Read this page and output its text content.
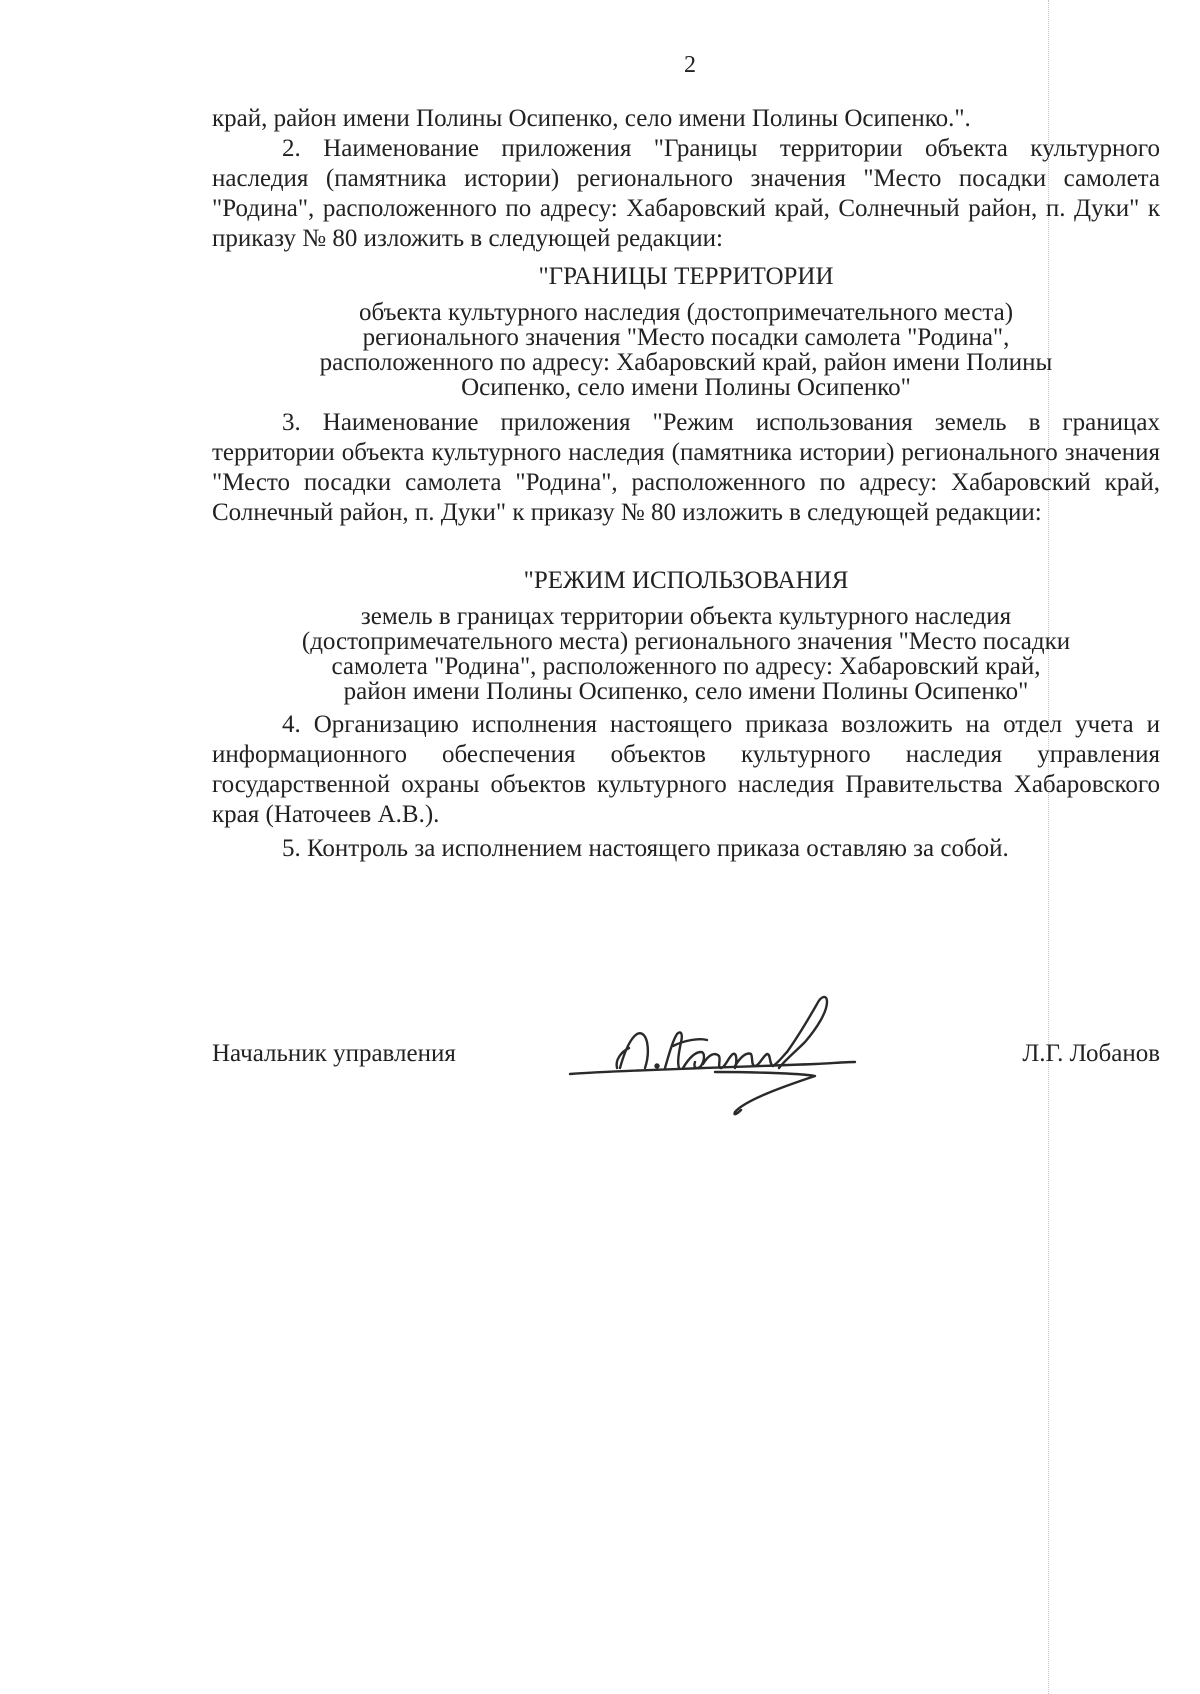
2

край, район имени Полины Осипенко, село имени Полины Осипенко.".

2. Наименование приложения "Границы территории объекта культурного наследия (памятника истории) регионального значения "Место посадки самолета "Родина", расположенного по адресу: Хабаровский край, Солнечный район, п. Дуки" к приказу № 80 изложить в следующей редакции:

"ГРАНИЦЫ ТЕРРИТОРИИ
объекта культурного наследия (достопримечательного места)
регионального значения "Место посадки самолета "Родина",
расположенного по адресу: Хабаровский край, район имени Полины
Осипенко, село имени Полины Осипенко"

3. Наименование приложения "Режим использования земель в границах территории объекта культурного наследия (памятника истории) регионального значения "Место посадки самолета "Родина", расположенного по адресу: Хабаровский край, Солнечный район, п. Дуки" к приказу № 80 изложить в следующей редакции:

"РЕЖИМ ИСПОЛЬЗОВАНИЯ
земель в границах территории объекта культурного наследия
(достопримечательного места) регионального значения "Место посадки
самолета "Родина", расположенного по адресу: Хабаровский край,
район имени Полины Осипенко, село имени Полины Осипенко"

4. Организацию исполнения настоящего приказа возложить на отдел учета и информационного обеспечения объектов культурного наследия управления государственной охраны объектов культурного наследия Правительства Хабаровского края (Наточеев А.В.).

5. Контроль за исполнением настоящего приказа оставляю за собой.

Начальник управления	Л.Г. Лобанов
